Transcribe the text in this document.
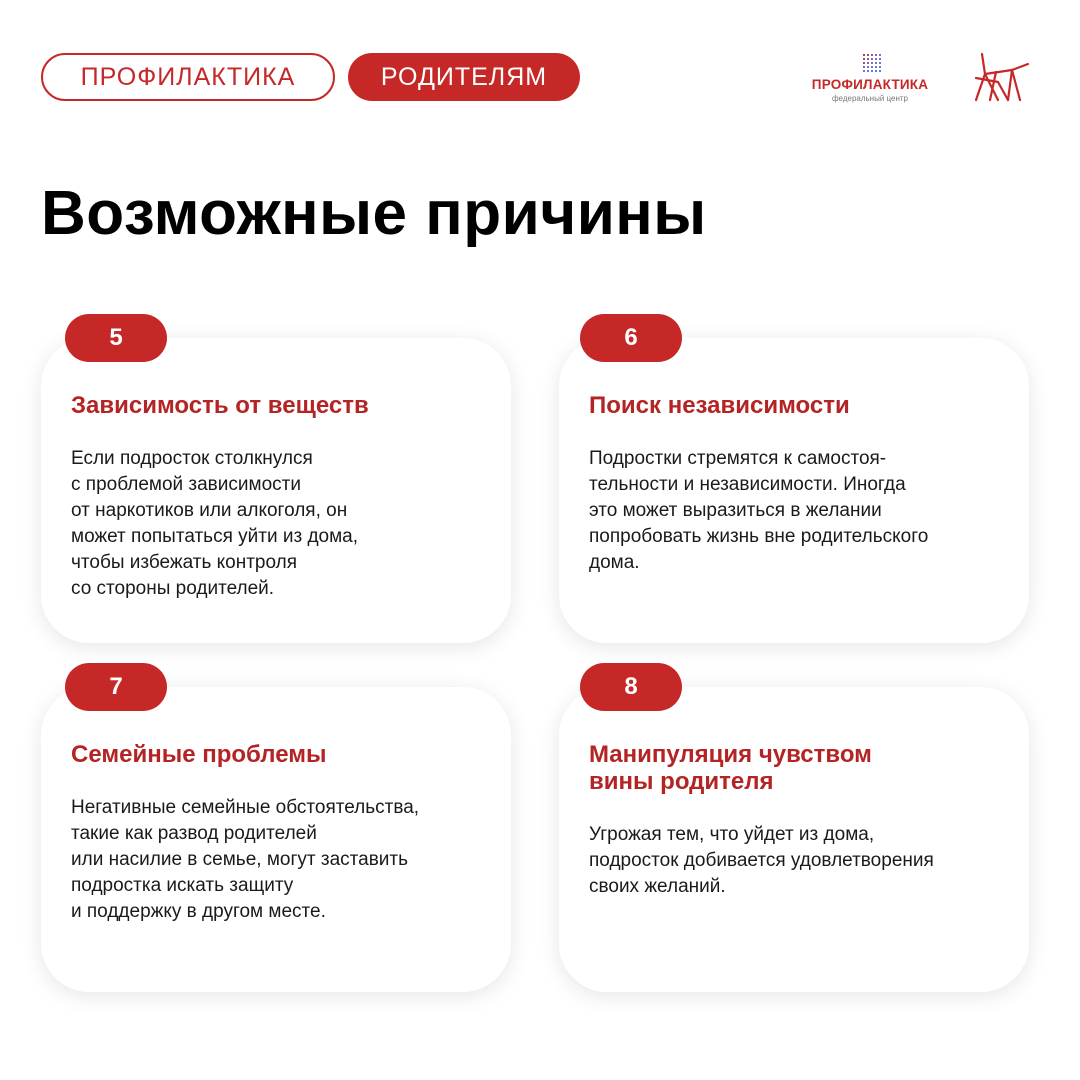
ПРОФИЛАКТИКА	РОДИТЕЛЯМ	ПРОФИЛАКТИКА
федеральный центр
Возможные причины
Зависимость от веществ
Если подросток столкнулся
с проблемой зависимости
от наркотиков или алкоголя, он
может попытаться уйти из дома,
чтобы избежать контроля
со стороны родителей.
5
Поиск независимости
Подростки стремятся к самостоя-
тельности и независимости. Иногда
это может выразиться в желании
попробовать жизнь вне родительского
дома.
6
Семейные проблемы
Негативные семейные обстоятельства,
такие как развод родителей
или насилие в семье, могут заставить
подростка искать защиту
и поддержку в другом месте.
7
Манипуляция чувством
вины родителя
Угрожая тем, что уйдет из дома,
подросток добивается удовлетворения
своих желаний.
8
